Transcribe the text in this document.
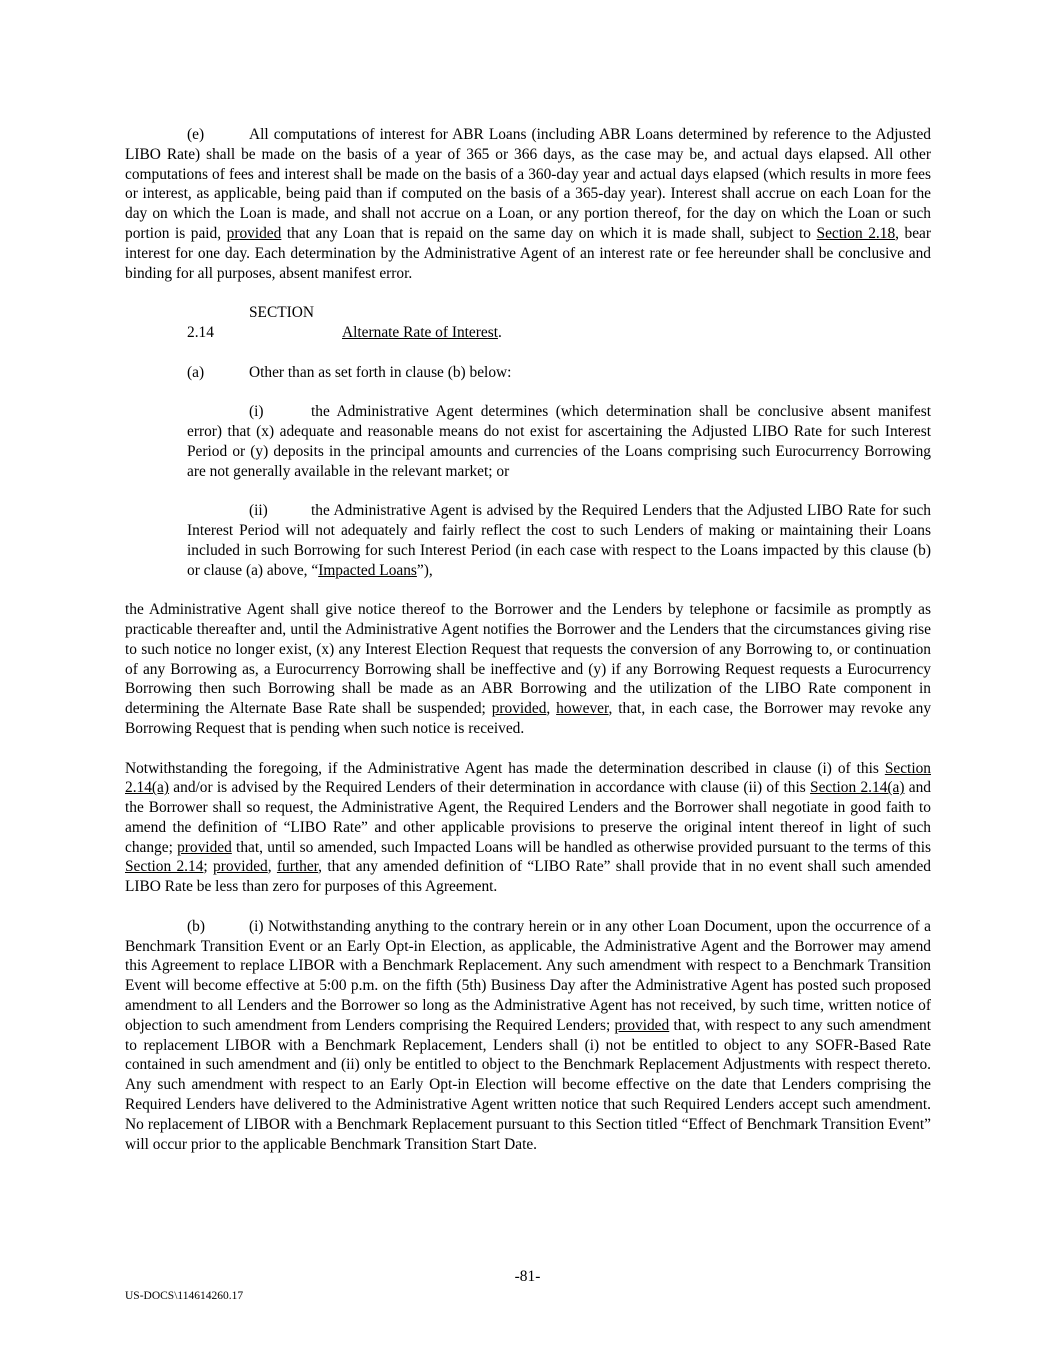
(e)	All computations of interest for ABR Loans (including ABR Loans determined by reference to the Adjusted LIBO Rate) shall be made on the basis of a year of 365 or 366 days, as the case may be, and actual days elapsed. All other computations of fees and interest shall be made on the basis of a 360-day year and actual days elapsed (which results in more fees or interest, as applicable, being paid than if computed on the basis of a 365-day year). Interest shall accrue on each Loan for the day on which the Loan is made, and shall not accrue on a Loan, or any portion thereof, for the day on which the Loan or such portion is paid, provided that any Loan that is repaid on the same day on which it is made shall, subject to Section 2.18, bear interest for one day. Each determination by the Administrative Agent of an interest rate or fee hereunder shall be conclusive and binding for all purposes, absent manifest error.

SECTION 2.14	Alternate Rate of Interest.

(a)	Other than as set forth in clause (b) below:

(i)	the Administrative Agent determines (which determination shall be conclusive absent manifest error) that (x) adequate and reasonable means do not exist for ascertaining the Adjusted LIBO Rate for such Interest Period or (y) deposits in the principal amounts and currencies of the Loans comprising such Eurocurrency Borrowing are not generally available in the relevant market; or

(ii)	the Administrative Agent is advised by the Required Lenders that the Adjusted LIBO Rate for such Interest Period will not adequately and fairly reflect the cost to such Lenders of making or maintaining their Loans included in such Borrowing for such Interest Period (in each case with respect to the Loans impacted by this clause (b) or clause (a) above, “Impacted Loans”),

the Administrative Agent shall give notice thereof to the Borrower and the Lenders by telephone or facsimile as promptly as practicable thereafter and, until the Administrative Agent notifies the Borrower and the Lenders that the circumstances giving rise to such notice no longer exist, (x) any Interest Election Request that requests the conversion of any Borrowing to, or continuation of any Borrowing as, a Eurocurrency Borrowing shall be ineffective and (y) if any Borrowing Request requests a Eurocurrency Borrowing then such Borrowing shall be made as an ABR Borrowing and the utilization of the LIBO Rate component in determining the Alternate Base Rate shall be suspended; provided, however, that, in each case, the Borrower may revoke any Borrowing Request that is pending when such notice is received.

Notwithstanding the foregoing, if the Administrative Agent has made the determination described in clause (i) of this Section 2.14(a) and/or is advised by the Required Lenders of their determination in accordance with clause (ii) of this Section 2.14(a) and the Borrower shall so request, the Administrative Agent, the Required Lenders and the Borrower shall negotiate in good faith to amend the definition of “LIBO Rate” and other applicable provisions to preserve the original intent thereof in light of such change; provided that, until so amended, such Impacted Loans will be handled as otherwise provided pursuant to the terms of this Section 2.14; provided, further, that any amended definition of “LIBO Rate” shall provide that in no event shall such amended LIBO Rate be less than zero for purposes of this Agreement.

(b)	(i) Notwithstanding anything to the contrary herein or in any other Loan Document, upon the occurrence of a Benchmark Transition Event or an Early Opt-in Election, as applicable, the Administrative Agent and the Borrower may amend this Agreement to replace LIBOR with a Benchmark Replacement. Any such amendment with respect to a Benchmark Transition Event will become effective at 5:00 p.m. on the fifth (5th) Business Day after the Administrative Agent has posted such proposed amendment to all Lenders and the Borrower so long as the Administrative Agent has not received, by such time, written notice of objection to such amendment from Lenders comprising the Required Lenders; provided that, with respect to any such amendment to replacement LIBOR with a Benchmark Replacement, Lenders shall (i) not be entitled to object to any SOFR-Based Rate contained in such amendment and (ii) only be entitled to object to the Benchmark Replacement Adjustments with respect thereto. Any such amendment with respect to an Early Opt-in Election will become effective on the date that Lenders comprising the Required Lenders have delivered to the Administrative Agent written notice that such Required Lenders accept such amendment. No replacement of LIBOR with a Benchmark Replacement pursuant to this Section titled “Effect of Benchmark Transition Event” will occur prior to the applicable Benchmark Transition Start Date.

-81-
US-DOCS\114614260.17
